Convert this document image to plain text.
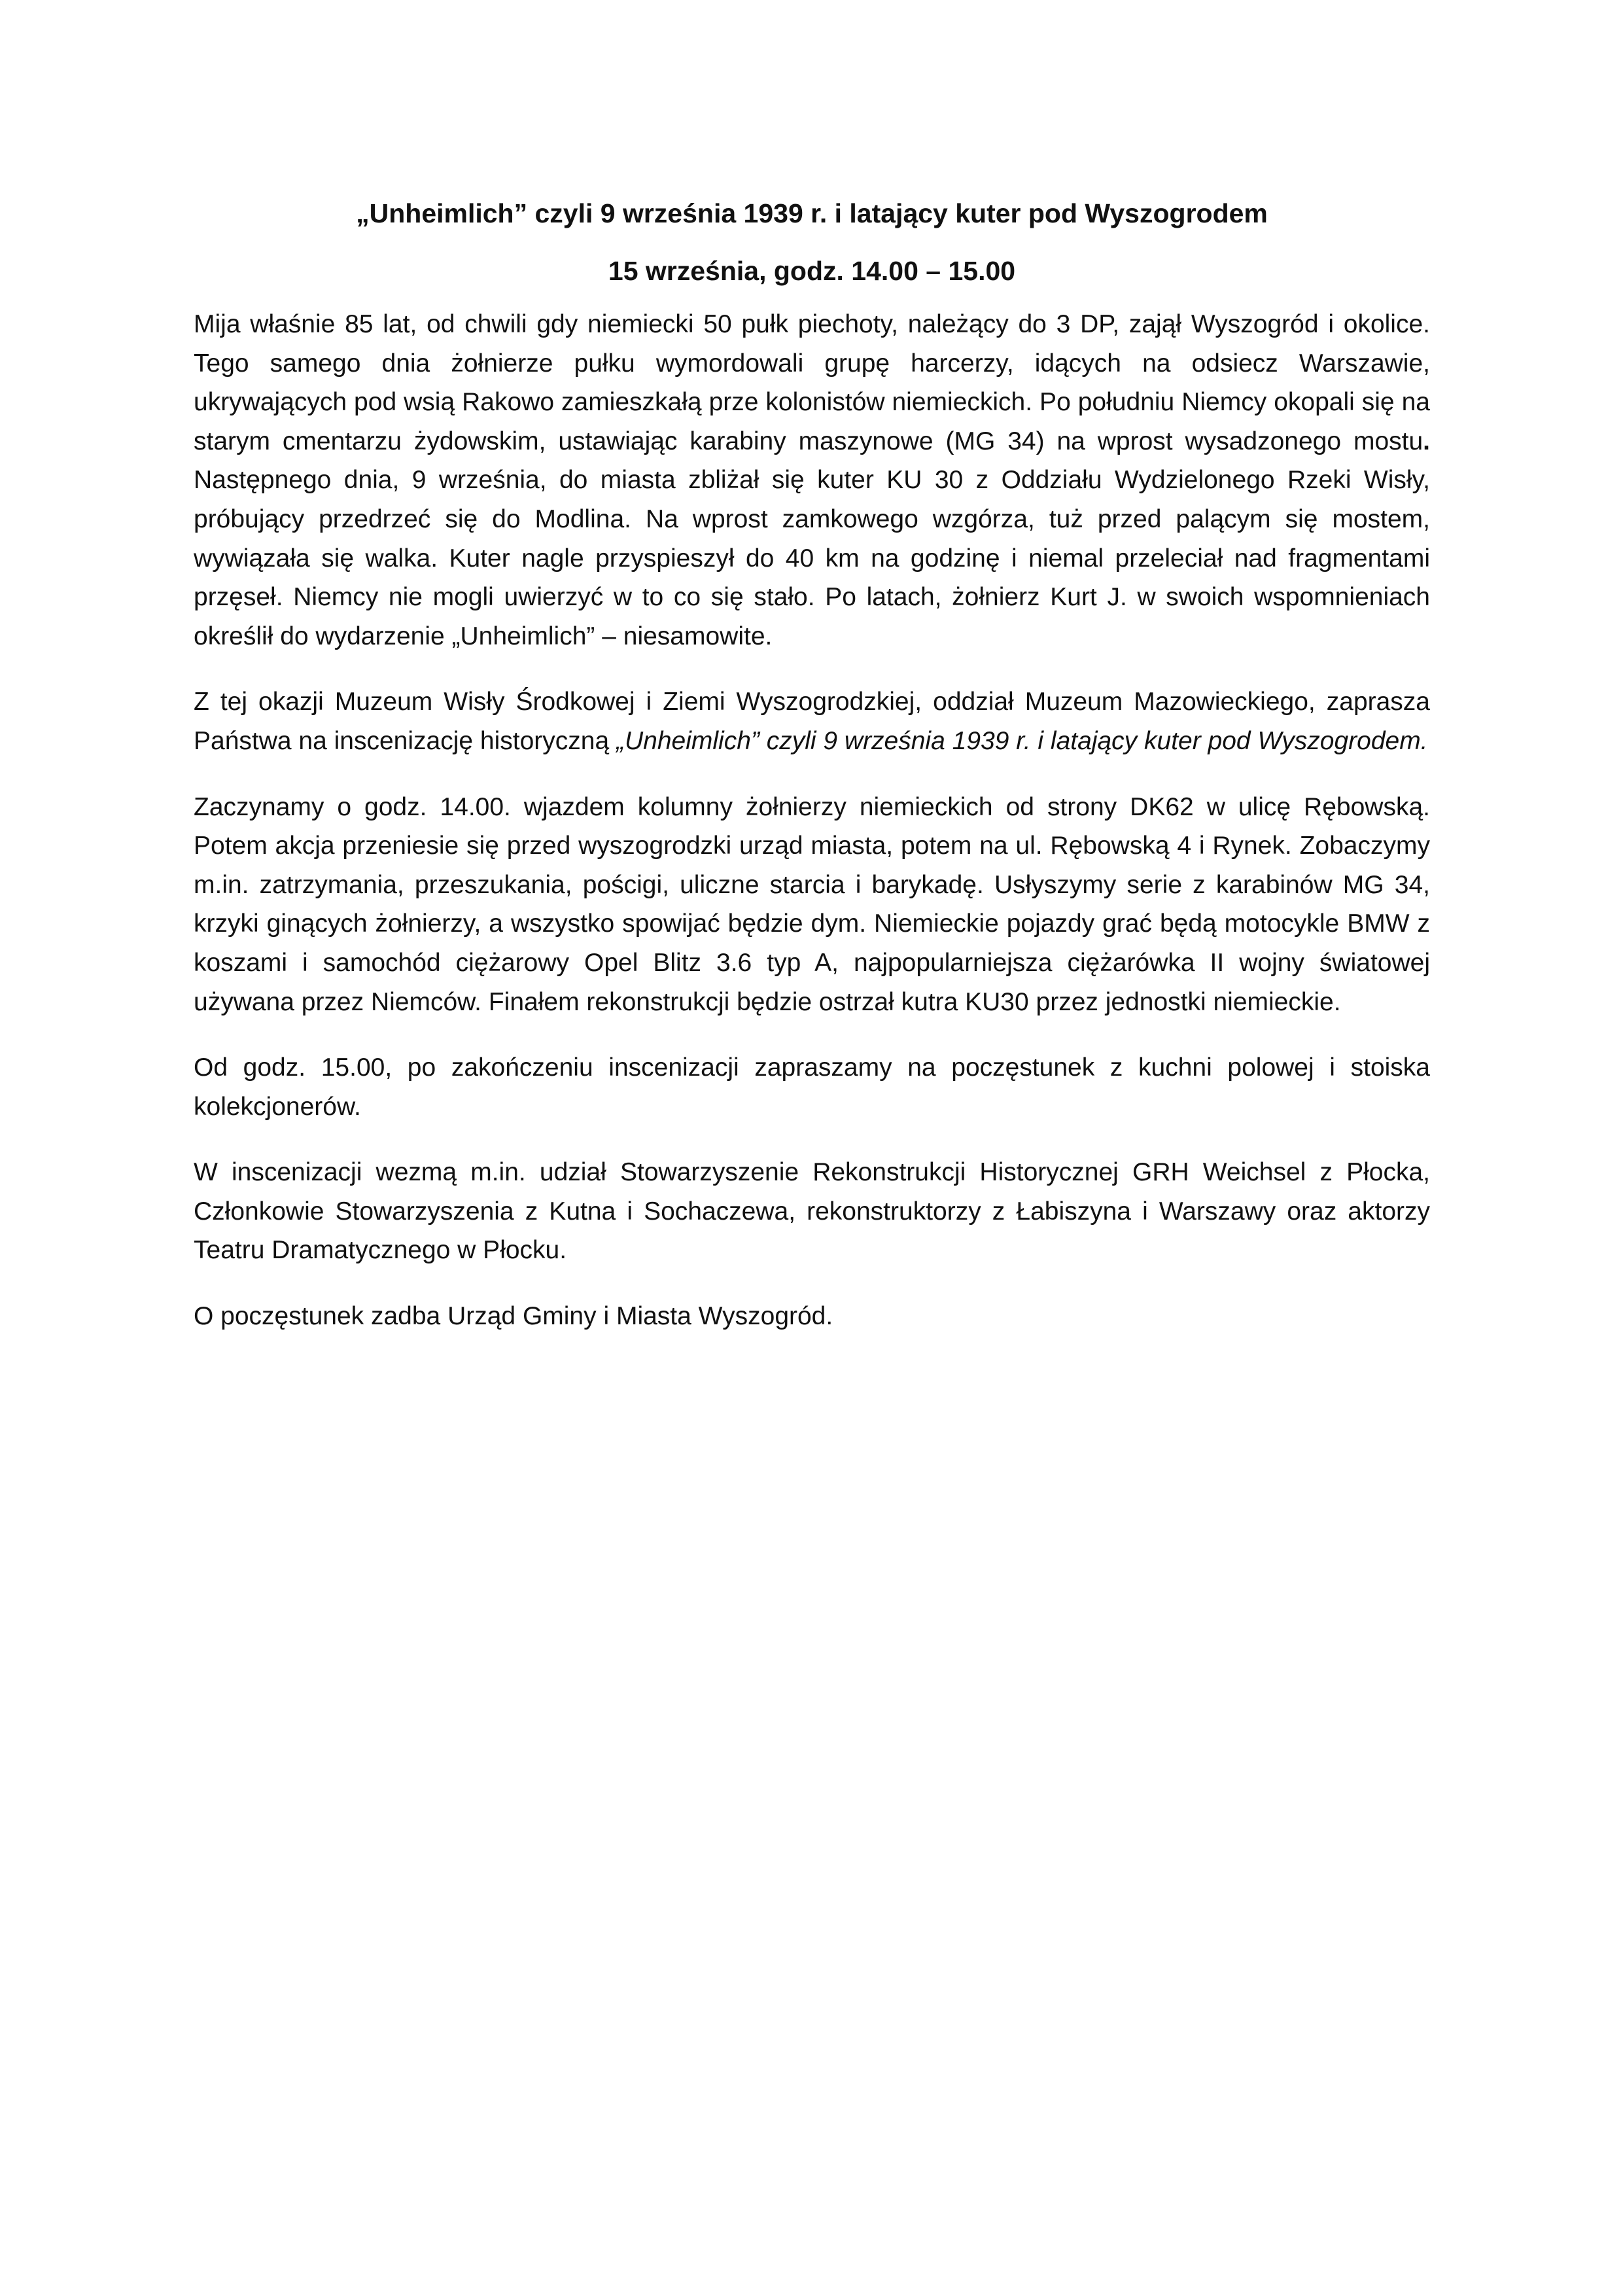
„Unheimlich” czyli 9 września 1939 r. i latający kuter pod Wyszogrodem
15 września, godz. 14.00 – 15.00

Mija właśnie 85 lat, od chwili gdy niemiecki 50 pułk piechoty, należący do 3 DP, zajął Wyszogród i okolice. Tego samego dnia żołnierze pułku wymordowali grupę harcerzy, idących na odsiecz Warszawie, ukrywających pod wsią Rakowo zamieszkałą prze kolonistów niemieckich. Po południu Niemcy okopali się na starym cmentarzu żydowskim, ustawiając karabiny maszynowe (MG 34) na wprost wysadzonego mostu. Następnego dnia, 9 września, do miasta zbliżał się kuter KU 30 z Oddziału Wydzielonego Rzeki Wisły, próbujący przedrzeć się do Modlina. Na wprost zamkowego wzgórza, tuż przed palącym się mostem, wywiązała się walka. Kuter nagle przyspieszył do 40 km na godzinę i niemal przeleciał nad fragmentami przęseł. Niemcy nie mogli uwierzyć w to co się stało. Po latach, żołnierz Kurt J. w swoich wspomnieniach określił do wydarzenie „Unheimlich” – niesamowite.

Z tej okazji Muzeum Wisły Środkowej i Ziemi Wyszogrodzkiej, oddział Muzeum Mazowieckiego, zaprasza Państwa na inscenizację historyczną „Unheimlich” czyli 9 września 1939 r. i latający kuter pod Wyszogrodem.

Zaczynamy o godz. 14.00. wjazdem kolumny żołnierzy niemieckich od strony DK62 w ulicę Rębowską. Potem akcja przeniesie się przed wyszogrodzki urząd miasta, potem na ul. Rębowską 4 i Rynek. Zobaczymy m.in. zatrzymania, przeszukania, pościgi, uliczne starcia i barykadę. Usłyszymy serie z karabinów MG 34, krzyki ginących żołnierzy, a wszystko spowijać będzie dym. Niemieckie pojazdy grać będą motocykle BMW z koszami i samochód ciężarowy Opel Blitz 3.6 typ A, najpopularniejsza ciężarówka II wojny światowej używana przez Niemców. Finałem rekonstrukcji będzie ostrzał kutra KU30 przez jednostki niemieckie.

Od godz. 15.00, po zakończeniu inscenizacji zapraszamy na poczęstunek z kuchni polowej i stoiska kolekcjonerów.

W inscenizacji wezmą m.in. udział Stowarzyszenie Rekonstrukcji Historycznej GRH Weichsel z Płocka, Członkowie Stowarzyszenia z Kutna i Sochaczewa, rekonstruktorzy z Łabiszyna i Warszawy oraz aktorzy Teatru Dramatycznego w Płocku.

O poczęstunek zadba Urząd Gminy i Miasta Wyszogród.
